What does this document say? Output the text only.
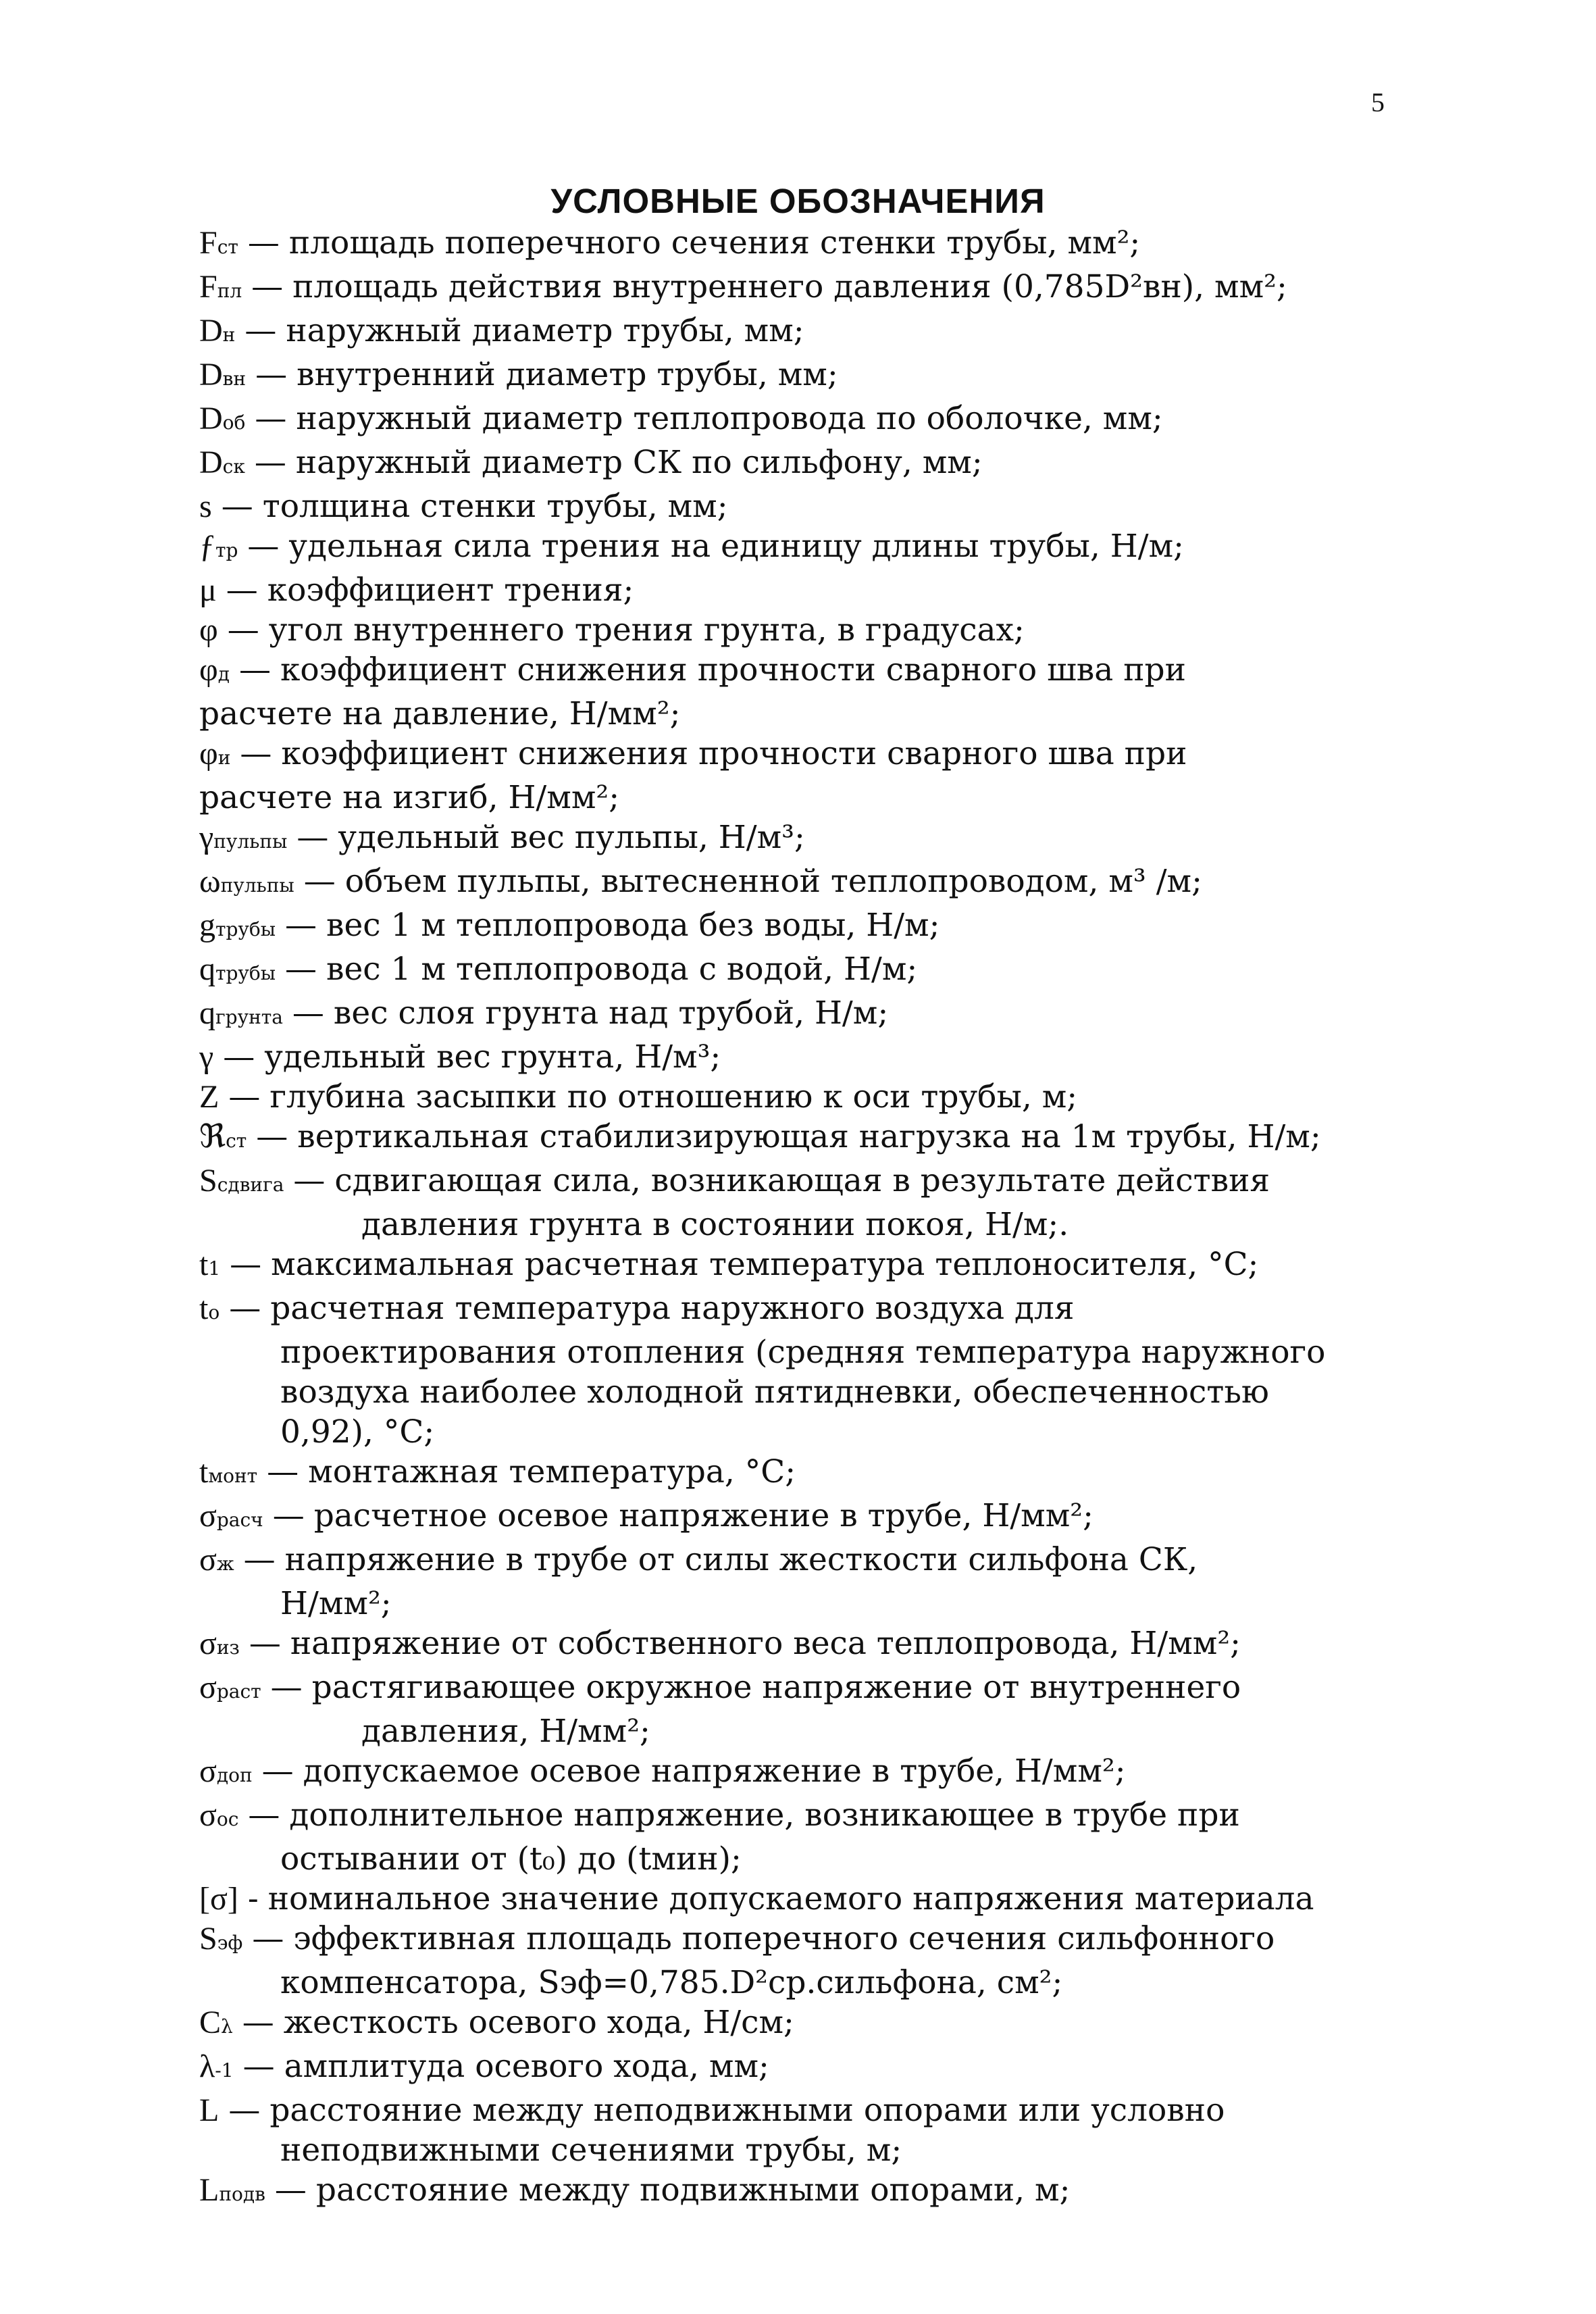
5
УСЛОВНЫЕ ОБОЗНАЧЕНИЯ
Fст — площадь поперечного сечения стенки трубы, мм²;
Fпл — площадь действия внутреннего давления (0,785D²вн), мм²;
Dн — наружный диаметр трубы, мм;
Dвн — внутренний диаметр трубы, мм;
Dоб — наружный диаметр теплопровода по оболочке, мм;
Dск — наружный диаметр СК по сильфону, мм;
s — толщина стенки трубы, мм;
ƒтр — удельная сила трения на единицу длины трубы, Н/м;
μ — коэффициент трения;
φ — угол внутреннего трения грунта, в градусах;
φд — коэффициент снижения прочности сварного шва при
расчете на давление, Н/мм²;
φи — коэффициент снижения прочности сварного шва при
расчете на изгиб, Н/мм²;
γпульпы — удельный вес пульпы, Н/м³;
ωпульпы — объем пульпы, вытесненной теплопроводом, м³ /м;
gтрубы — вес 1 м теплопровода без воды, Н/м;
qтрубы — вес 1 м теплопровода с водой, Н/м;
qгрунта — вес слоя грунта над трубой, Н/м;
γ — удельный вес грунта, Н/м³;
Z — глубина засыпки по отношению к оси трубы, м;
ℜст — вертикальная стабилизирующая нагрузка на 1м трубы, Н/м;
Sсдвига — сдвигающая сила, возникающая в результате действия
давления грунта в состоянии покоя, Н/м;.
t1 — максимальная расчетная температура теплоносителя, °С;
tо — расчетная температура наружного воздуха для
проектирования отопления (средняя температура наружного
воздуха наиболее холодной пятидневки, обеспеченностью
0,92), °С;
tмонт — монтажная температура, °С;
σрасч — расчетное осевое напряжение в трубе, Н/мм²;
σж — напряжение в трубе от силы жесткости сильфона СК,
Н/мм²;
σиз — напряжение от собственного веса теплопровода, Н/мм²;
σраст — растягивающее окружное напряжение от внутреннего
давления, Н/мм²;
σдоп — допускаемое осевое напряжение в трубе, Н/мм²;
σос — дополнительное напряжение, возникающее в трубе при
остывании от (t₀) до (tмин);
[σ] - номинальное значение допускаемого напряжения материала
Sэф — эффективная площадь поперечного сечения сильфонного
компенсатора, Sэф=0,785.D²ср.сильфона, см²;
Cλ — жесткость осевого хода, Н/см;
λ-1 — амплитуда осевого хода, мм;
L — расстояние между неподвижными опорами или условно
неподвижными сечениями трубы, м;
Lподв — расстояние между подвижными опорами, м;
